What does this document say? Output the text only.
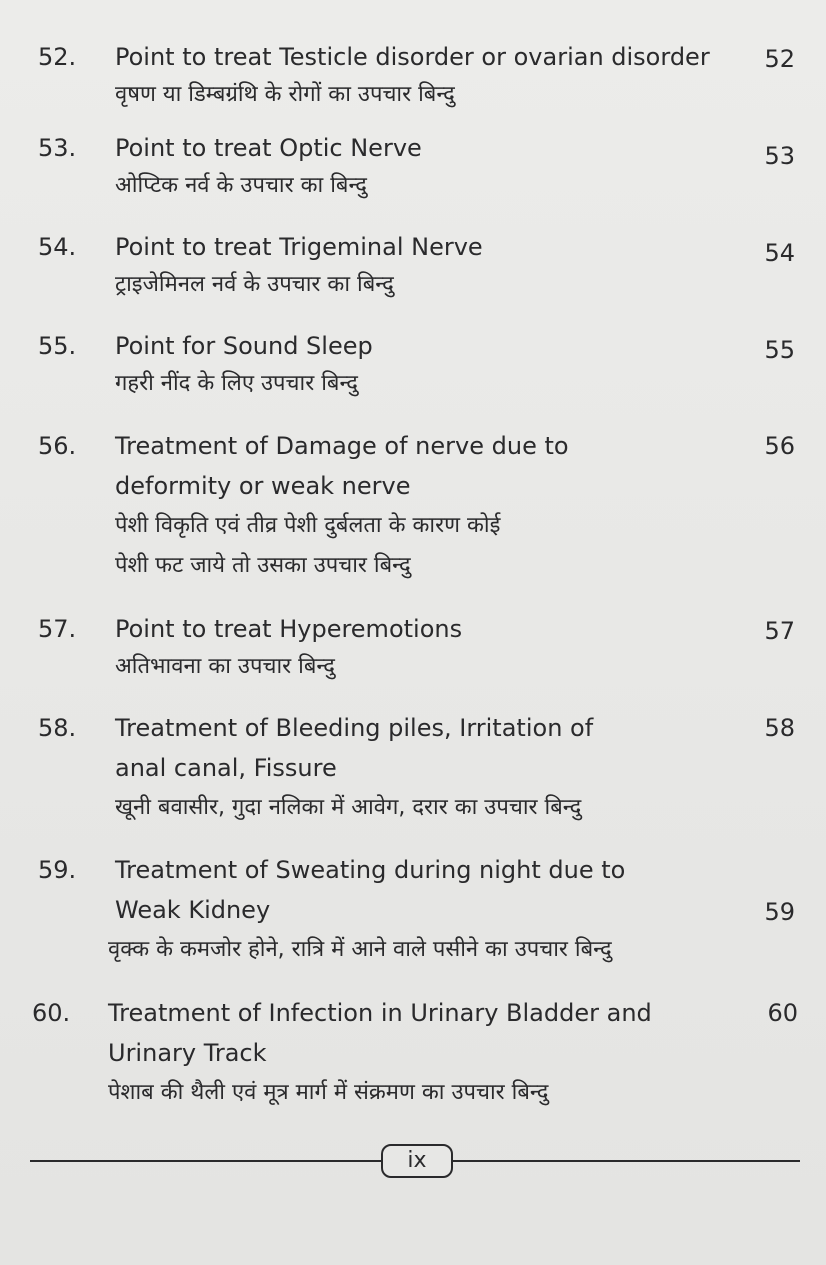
52. Point to treat Testicle disorder or ovarian disorder
वृषण या डिम्बग्रंथि के रोगों का उपचार बिन्दु
52
53. Point to treat Optic Nerve
ओप्टिक नर्व के उपचार का बिन्दु
53
54. Point to treat Trigeminal Nerve
ट्राइजेमिनल नर्व के उपचार का बिन्दु
54
55. Point for Sound Sleep
गहरी नींद के लिए उपचार बिन्दु
55
56. Treatment of Damage of nerve due to
deformity or weak nerve
पेशी विकृति एवं तीव्र पेशी दुर्बलता के कारण कोई
पेशी फट जाये तो उसका उपचार बिन्दु
56
57. Point to treat Hyperemotions
अतिभावना का उपचार बिन्दु
57
58. Treatment of Bleeding piles, Irritation of
anal canal, Fissure
खूनी बवासीर, गुदा नलिका में आवेग, दरार का उपचार बिन्दु
58
59. Treatment of Sweating during night due to
Weak Kidney
वृक्क के कमजोर होने, रात्रि में आने वाले पसीने का उपचार बिन्दु
59
60. Treatment of Infection in Urinary Bladder and
Urinary Track
पेशाब की थैली एवं मूत्र मार्ग में संक्रमण का उपचार बिन्दु
60
ix
